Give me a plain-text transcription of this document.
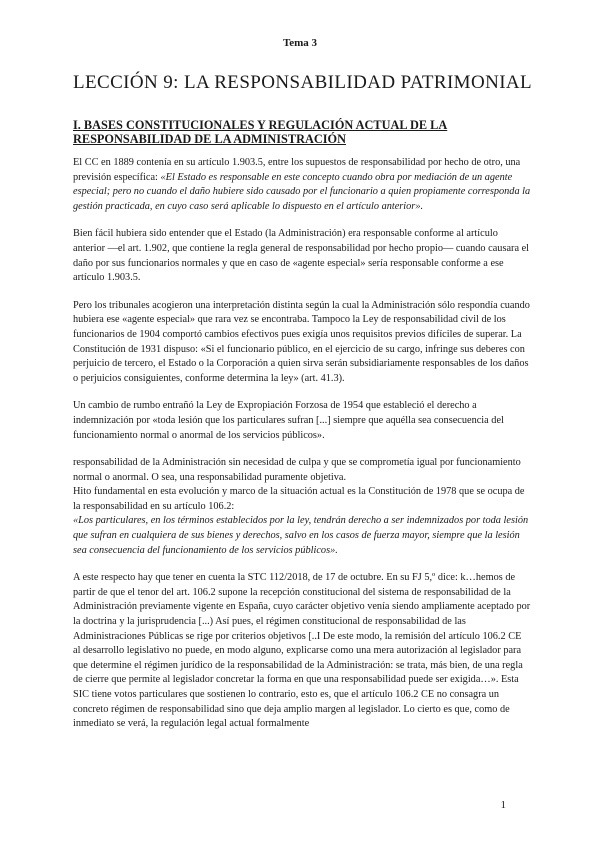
Tema 3
LECCIÓN 9: LA RESPONSABILIDAD PATRIMONIAL
I. BASES CONSTITUCIONALES Y REGULACIÓN ACTUAL DE LA RESPONSABILIDAD DE LA ADMINISTRACIÓN

El CC en 1889 contenía en su artículo 1.903.5, entre los supuestos de responsabilidad por hecho de otro, una previsión específica: «El Estado es responsable en este concepto cuando obra por mediación de un agente especial; pero no cuando el daño hubiere sido causado por el funcionario a quien propiamente corresponda la gestión practicada, en cuyo caso será aplicable lo dispuesto en el artículo anterior».

Bien fácil hubiera sido entender que el Estado (la Administración) era responsable conforme al artículo anterior —el art. 1.902, que contiene la regla general de responsabilidad por hecho propio— cuando causara el daño por sus funcionarios normales y que en caso de «agente especial» sería responsable conforme a ese artículo 1.903.5.

Pero los tribunales acogieron una interpretación distinta según la cual la Administración sólo respondía cuando hubiera ese «agente especial» que rara vez se encontraba. Tampoco la Ley de responsabilidad civil de los funcionarios de 1904 comportó cambios efectivos pues exigía unos requisitos previos difíciles de superar. La Constitución de 1931 dispuso: «Si el funcionario público, en el ejercicio de su cargo, infringe sus deberes con perjuicio de tercero, el Estado o la Corporación a quien sirva serán subsidiariamente responsables de los daños o perjuicios consiguientes, conforme determina la ley» (art. 41.3).

Un cambio de rumbo entrañó la Ley de Expropiación Forzosa de 1954 que estableció el derecho a indemnización por «toda lesión que los particulares sufran [...] siempre que aquélla sea consecuencia del funcionamiento normal o anormal de los servicios públicos».

responsabilidad de la Administración sin necesidad de culpa y que se comprometía igual por funcionamiento normal o anormal. O sea, una responsabilidad puramente objetiva.

Hito fundamental en esta evolución y marco de la situación actual es la Constitución de 1978 que se ocupa de la responsabilidad en su artículo 106.2:

«Los particulares, en los términos establecidos por la ley, tendrán derecho a ser indemnizados por toda lesión que sufran en cualquiera de sus bienes y derechos, salvo en los casos de fuerza mayor, siempre que la lesión sea consecuencia del funcionamiento de los servicios públicos».

A este respecto hay que tener en cuenta la STC 112/2018, de 17 de octubre. En su FJ 5,º dice: k…hemos de partir de que el tenor del art. 106.2 supone la recepción constitucional del sistema de responsabilidad de la Administración previamente vigente en España, cuyo carácter objetivo venía siendo ampliamente aceptado por la doctrina y la jurisprudencia [...) Así pues, el régimen constitucional de responsabilidad de las Administraciones Públicas se rige por criterios objetivos [..I De este modo, la remisión del artículo 106.2 CE al desarrollo legislativo no puede, en modo alguno, explicarse como una mera autorización al legislador para que determine el régimen jurídico de la responsabilidad de la Administración: se trata, más bien, de una regla de cierre que permite al legislador concretar la forma en que una responsabilidad puede ser exigida…». Esta SIC tiene votos particulares que sostienen lo contrario, esto es, que el artículo 106.2 CE no consagra un concreto régimen de responsabilidad sino que deja amplio margen al legislador. Lo cierto es que, como de inmediato se verá, la regulación legal actual formalmente

1
